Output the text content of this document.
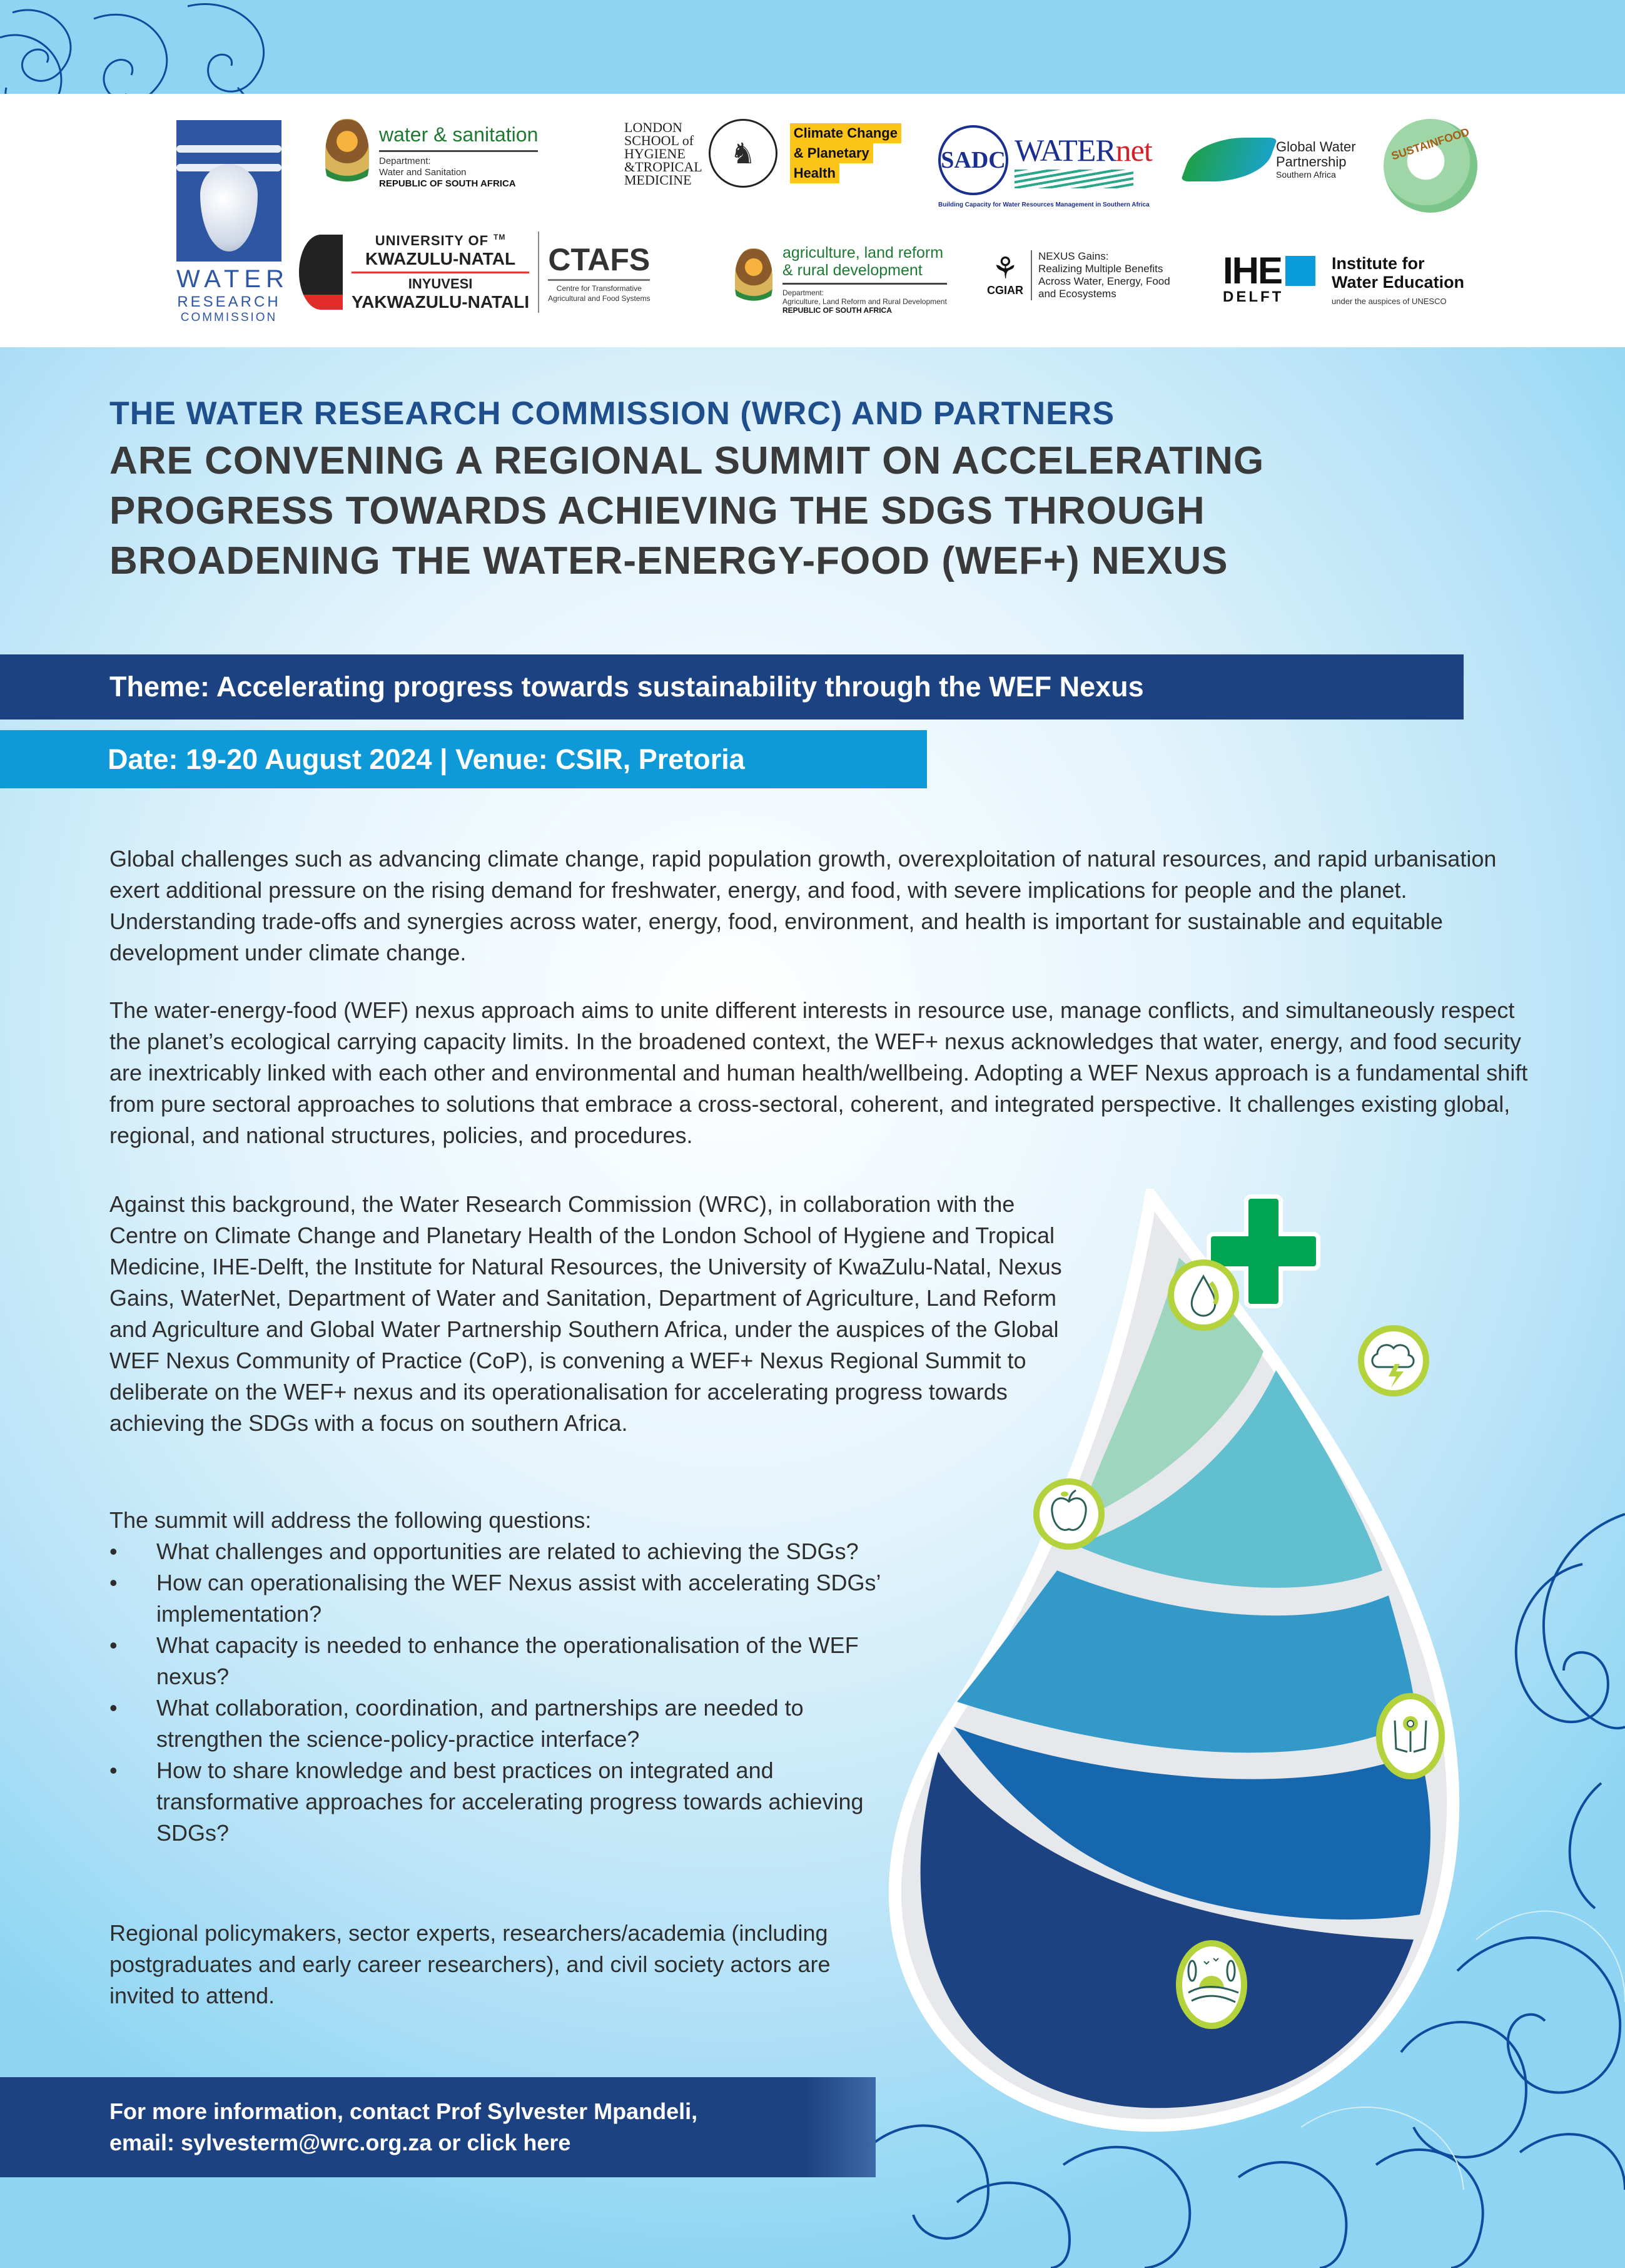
WATER
RESEARCH
COMMISSION
water & sanitation
Department:
Water and Sanitation
REPUBLIC OF SOUTH AFRICA
LONDON
SCHOOL of
HYGIENE
&TROPICAL
MEDICINE
♞
Climate Change
& Planetary
Health	SADC WATERnet
Building Capacity for Water Resources Management in Southern Africa
Global Water
Partnership
Southern Africa
SUSTAINFOOD
UNIVERSITY OF ™
KWAZULU-NATAL
INYUVESI
YAKWAZULU-NATALI
CTAFS
Centre for Transformative
Agricultural and Food Systems
agriculture, land reform
& rural development
Department:
Agriculture, Land Reform and Rural Development
REPUBLIC OF SOUTH AFRICA
⚘
CGIAR
NEXUS Gains:
Realizing Multiple Benefits
Across Water, Energy, Food
and Ecosystems
IHE
DELFT
Institute for
Water Education
under the auspices of UNESCO
THE WATER RESEARCH COMMISSION (WRC) AND PARTNERS
ARE CONVENING A REGIONAL SUMMIT ON ACCELERATING
PROGRESS TOWARDS ACHIEVING THE SDGS THROUGH
BROADENING THE WATER-ENERGY-FOOD (WEF+) NEXUS
Theme: Accelerating progress towards sustainability through the WEF Nexus
Date: 19-20 August 2024 | Venue: CSIR, Pretoria

Global challenges such as advancing climate change, rapid population growth, overexploitation of natural resources, and rapid urbanisation exert additional pressure on the rising demand for freshwater, energy, and food, with severe implications for people and the planet. Understanding trade-offs and synergies across water, energy, food, environment, and health is important for sustainable and equitable development under climate change.

The water-energy-food (WEF) nexus approach aims to unite different interests in resource use, manage conflicts, and simultaneously respect the planet’s ecological carrying capacity limits. In the broadened context, the WEF+ nexus acknowledges that water, energy, and food security are inextricably linked with each other and environmental and human health/wellbeing. Adopting a WEF Nexus approach is a fundamental shift from pure sectoral approaches to solutions that embrace a cross-sectoral, coherent, and integrated perspective. It challenges existing global, regional, and national structures, policies, and procedures.

Against this background, the Water Research Commission (WRC), in collaboration with the Centre on Climate Change and Planetary Health of the London School of Hygiene and Tropical Medicine, IHE-Delft, the Institute for Natural Resources, the University of KwaZulu-Natal, Nexus Gains, WaterNet, Department of Water and Sanitation, Department of Agriculture, Land Reform and Agriculture and Global Water Partnership Southern Africa, under the auspices of the Global WEF Nexus Community of Practice (CoP), is convening a WEF+ Nexus Regional Summit to deliberate on the WEF+ nexus and its operationalisation for accelerating progress towards achieving the SDGs with a focus on southern Africa.

The summit will address the following questions:

•	What challenges and opportunities are related to achieving the SDGs?
•	How can operationalising the WEF Nexus assist with accelerating SDGs’ implementation?
•	What capacity is needed to enhance the operationalisation of the WEF nexus?
•	What collaboration, coordination, and partnerships are needed to strengthen the science-policy-practice interface?
•	How to share knowledge and best practices on integrated and transformative approaches for accelerating progress towards achieving SDGs?

Regional policymakers, sector experts, researchers/academia (including postgraduates and early career researchers), and civil society actors are invited to attend.

For more information, contact Prof Sylvester Mpandeli,
email: sylvesterm@wrc.org.za or click here
